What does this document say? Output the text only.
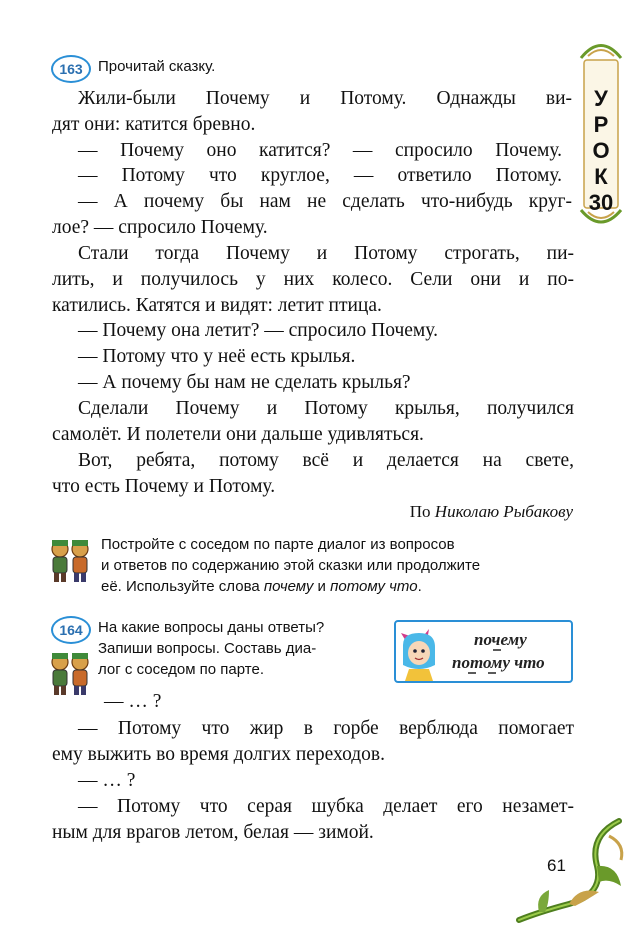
163	Прочитай сказку.
У
Р
О
К
30
Жили-были Почему и Потому. Однажды ви-
дят они: катится бревно.
— Почему оно катится? — спросило Почему.
— Потому что круглое, — ответило Потому.
— А почему бы нам не сделать что-нибудь круг-
лое? — спросило Почему.
Стали тогда Почему и Потому строгать, пи-
лить, и получилось у них колесо. Сели они и по-
катились. Катятся и видят: летит птица.
— Почему она летит? — спросило Почему.
— Потому что у неё есть крылья.
— А почему бы нам не сделать крылья?
Сделали Почему и Потому крылья, получился
самолёт. И полетели они дальше удивляться.
Вот, ребята, потому всё и делается на свете,
что есть Почему и Потому.
По Николаю Рыбакову
Постройте с соседом по парте диалог из вопросов
и ответов по содержанию этой сказки или продолжите
её. Используйте слова почему и потому что.
164	На какие вопросы даны ответы?
Запиши вопросы. Составь диа-
лог с соседом по парте.
почему
потому что
— … ?
— Потому что жир в горбе верблюда помогает
ему выжить во время долгих переходов.
— … ?
— Потому что серая шубка делает его незамет-
ным для врагов летом, белая — зимой.
61
